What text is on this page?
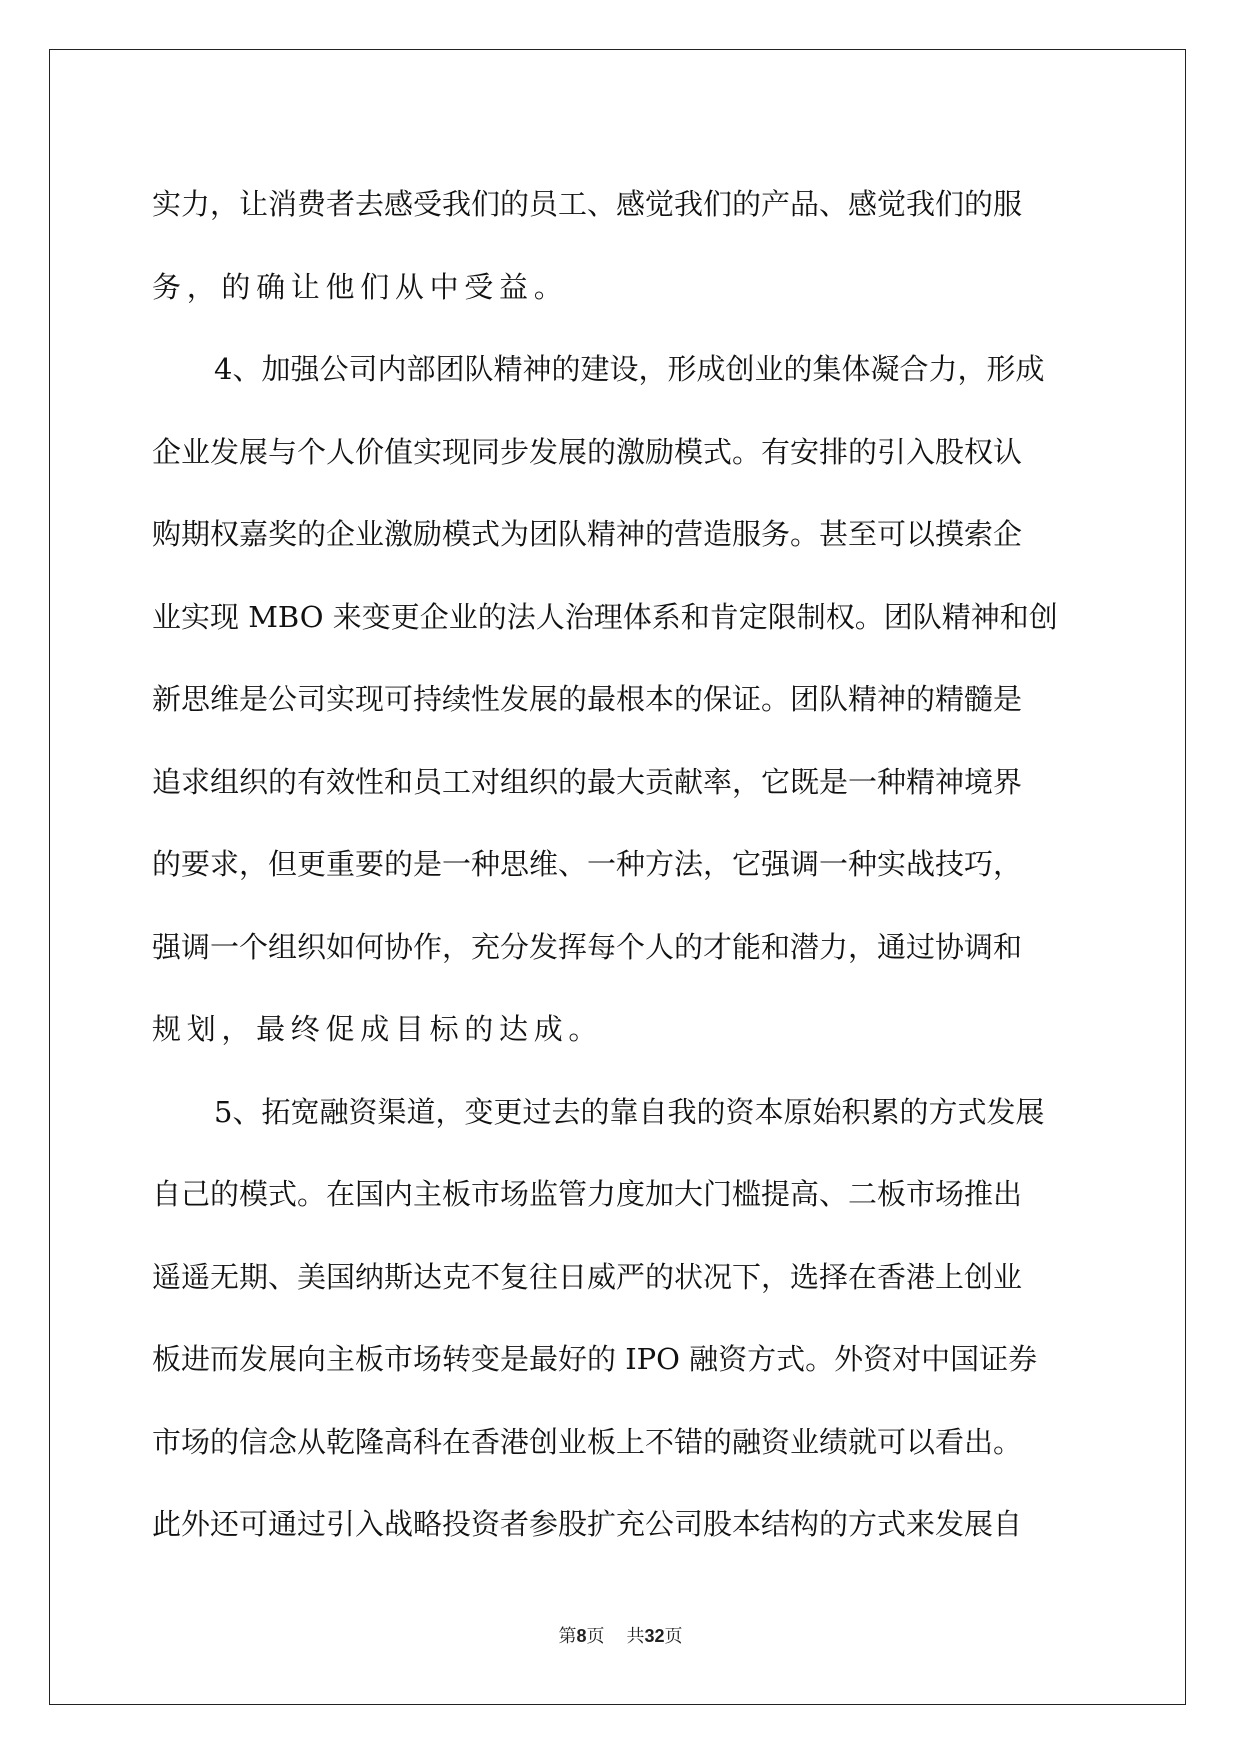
实力，让消费者去感受我们的员工、感觉我们的产品、感觉我们的服
务，的确让他们从中受益。
4、加强公司内部团队精神的建设，形成创业的集体凝合力，形成
企业发展与个人价值实现同步发展的激励模式。有安排的引入股权认
购期权嘉奖的企业激励模式为团队精神的营造服务。甚至可以摸索企
业实现 MBO 来变更企业的法人治理体系和肯定限制权。团队精神和创
新思维是公司实现可持续性发展的最根本的保证。团队精神的精髓是
追求组织的有效性和员工对组织的最大贡献率，它既是一种精神境界
的要求，但更重要的是一种思维、一种方法，它强调一种实战技巧，
强调一个组织如何协作，充分发挥每个人的才能和潜力，通过协调和
规划，最终促成目标的达成。
5、拓宽融资渠道，变更过去的靠自我的资本原始积累的方式发展
自己的模式。在国内主板市场监管力度加大门槛提高、二板市场推出
遥遥无期、美国纳斯达克不复往日威严的状况下，选择在香港上创业
板进而发展向主板市场转变是最好的 IPO 融资方式。外资对中国证券
市场的信念从乾隆高科在香港创业板上不错的融资业绩就可以看出。
此外还可通过引入战略投资者参股扩充公司股本结构的方式来发展自
第8页 共32页
